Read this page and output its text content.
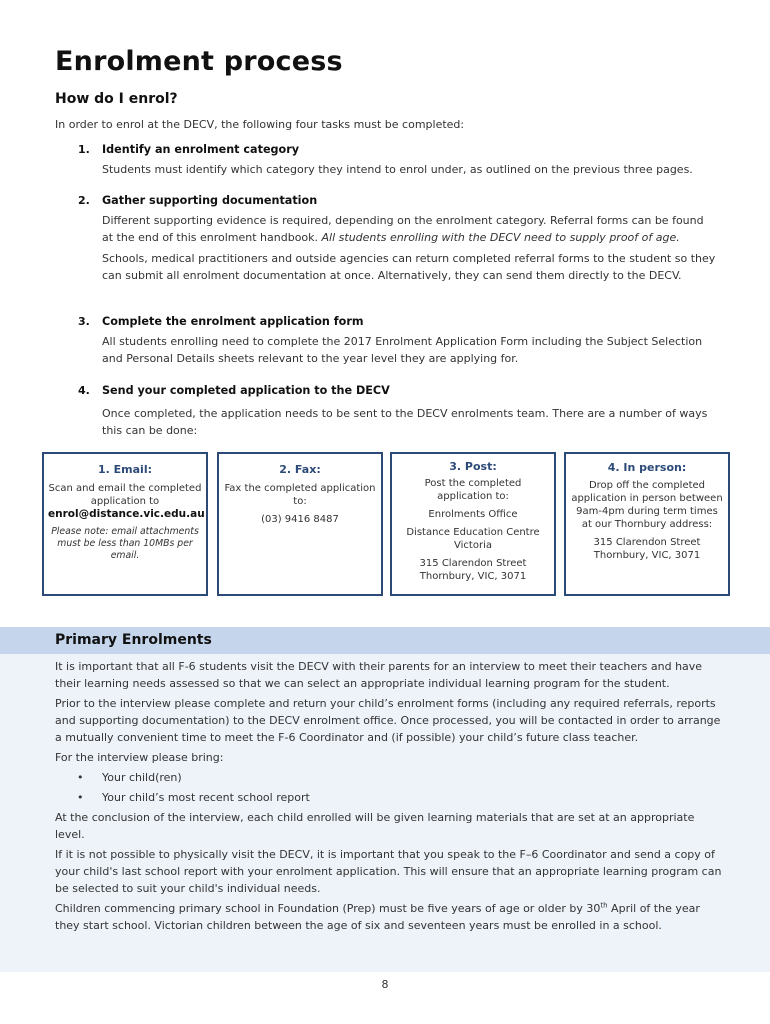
Enrolment process
How do I enrol?
In order to enrol at the DECV, the following four tasks must be completed:
1. Identify an enrolment category

Students must identify which category they intend to enrol under, as outlined on the previous three pages.

2. Gather supporting documentation

Different supporting evidence is required, depending on the enrolment category. Referral forms can be found at the end of this enrolment handbook. All students enrolling with the DECV need to supply proof of age.

Schools, medical practitioners and outside agencies can return completed referral forms to the student so they can submit all enrolment documentation at once. Alternatively, they can send them directly to the DECV.

3. Complete the enrolment application form

All students enrolling need to complete the 2017 Enrolment Application Form including the Subject Selection and Personal Details sheets relevant to the year level they are applying for.

4. Send your completed application to the DECV

Once completed, the application needs to be sent to the DECV enrolments team. There are a number of ways this can be done:

1. Email:
Scan and email the completed application to
enrol@distance.vic.edu.au
Please note: email attachments must be less than 10MBs per email.
2. Fax:
Fax the completed application to:
(03) 9416 8487
3. Post:
Post the completed application to:
Enrolments Office
Distance Education Centre Victoria
315 Clarendon Street Thornbury, VIC, 3071
4. In person:
Drop off the completed application in person between 9am-4pm during term times at our Thornbury address:
315 Clarendon Street Thornbury, VIC, 3071
Primary Enrolments

It is important that all F-6 students visit the DECV with their parents for an interview to meet their teachers and have their learning needs assessed so that we can select an appropriate individual learning program for the student.

Prior to the interview please complete and return your child’s enrolment forms (including any required referrals, reports and supporting documentation) to the DECV enrolment office. Once processed, you will be contacted in order to arrange a mutually convenient time to meet the F-6 Coordinator and (if possible) your child’s future class teacher.

For the interview please bring:

• Your child(ren)
• Your child’s most recent school report

At the conclusion of the interview, each child enrolled will be given learning materials that are set at an appropriate level.

If it is not possible to physically visit the DECV, it is important that you speak to the F–6 Coordinator and send a copy of your child's last school report with your enrolment application. This will ensure that an appropriate learning program can be selected to suit your child's individual needs.

Children commencing primary school in Foundation (Prep) must be five years of age or older by 30th April of the year they start school. Victorian children between the age of six and seventeen years must be enrolled in a school.

8
